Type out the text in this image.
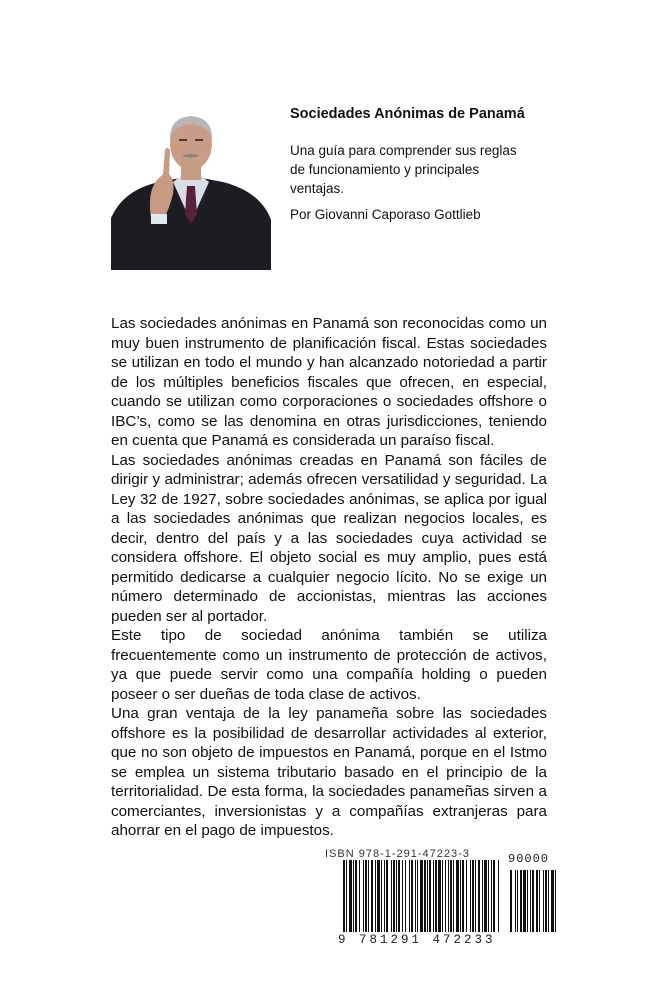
Sociedades Anónimas de Panamá
Una guía para comprender sus reglas de funcionamiento y principales ventajas.
Por Giovanni Caporaso Gottlieb

Las sociedades anónimas en Panamá son reconocidas como un muy buen instrumento de planificación fiscal. Estas sociedades se utilizan en todo el mundo y han alcanzado notoriedad a partir de los múltiples beneficios fiscales que ofrecen, en especial, cuando se utilizan como corporaciones o sociedades offshore o IBC’s, como se las denomina en otras jurisdicciones, teniendo en cuenta que Panamá es considerada un paraíso fiscal.

Las sociedades anónimas creadas en Panamá son fáciles de dirigir y administrar; además ofrecen versatilidad y seguridad. La Ley 32 de 1927, sobre sociedades anónimas, se aplica por igual a las sociedades anónimas que realizan negocios locales, es decir, dentro del país y a las sociedades cuya actividad se considera offshore. El objeto social es muy amplio, pues está permitido dedicarse a cualquier negocio lícito. No se exige un número determinado de accionistas, mientras las acciones pueden ser al portador.

Este tipo de sociedad anónima también se utiliza frecuentemente como un instrumento de protección de activos, ya que puede servir como una compañía holding o pueden poseer o ser dueñas de toda clase de activos.

Una gran ventaja de la ley panameña sobre las sociedades offshore es la posibilidad de desarrollar actividades al exterior, que no son objeto de impuestos en Panamá, porque en el Istmo se emplea un sistema tributario basado en el principio de la territorialidad. De esta forma, la sociedades panameñas sirven a comerciantes, inversionistas y a compañías extranjeras para ahorrar en el pago de impuestos.

ISBN 978-1-291-47223-3	90000
9 781291 472233
